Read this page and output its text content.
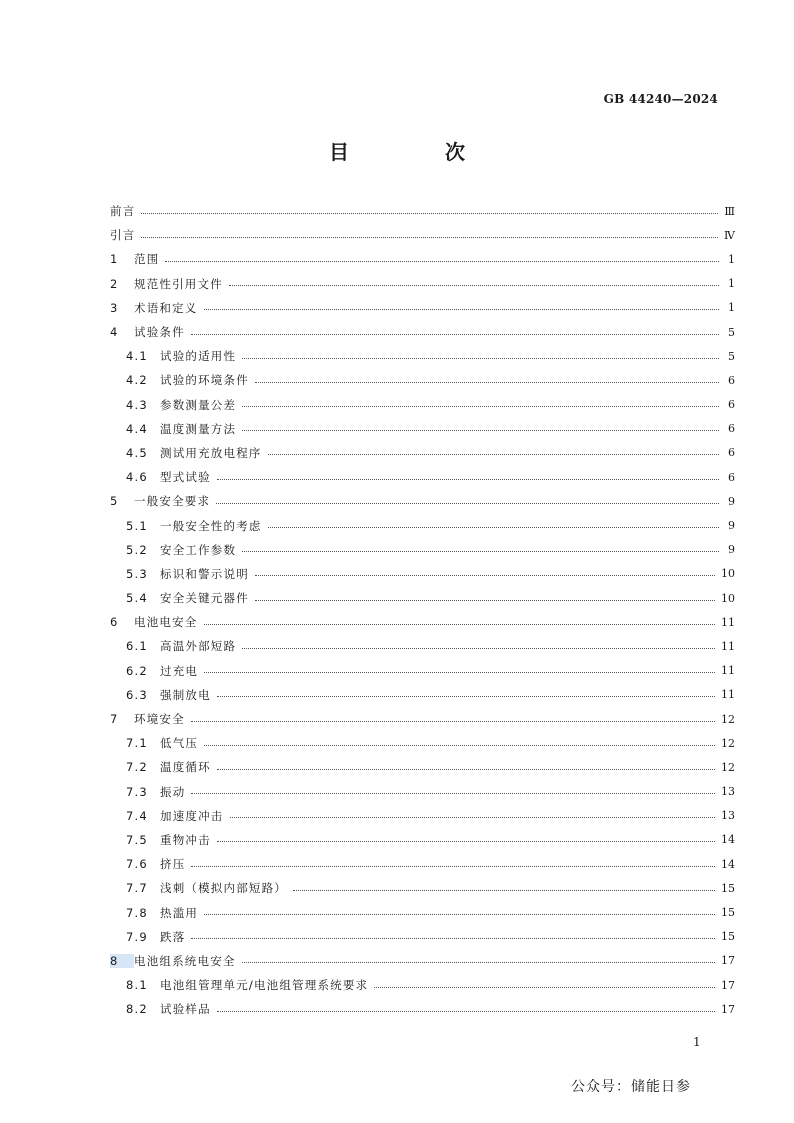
GB 44240—2024
目　次
前言	Ⅲ
引言	Ⅳ
1	范围	1
2	规范性引用文件	1
3	术语和定义	1
4	试验条件	5
4.1	试验的适用性	5
4.2	试验的环境条件	6
4.3	参数测量公差	6
4.4	温度测量方法	6
4.5	测试用充放电程序	6
4.6	型式试验	6
5	一般安全要求	9
5.1	一般安全性的考虑	9
5.2	安全工作参数	9
5.3	标识和警示说明	10
5.4	安全关键元器件	10
6	电池电安全	11
6.1	高温外部短路	11
6.2	过充电	11
6.3	强制放电	11
7	环境安全	12
7.1	低气压	12
7.2	温度循环	12
7.3	振动	13
7.4	加速度冲击	13
7.5	重物冲击	14
7.6	挤压	14
7.7	浅刺（模拟内部短路）	15
7.8	热滥用	15
7.9	跌落	15
8	电池组系统电安全	17
8.1	电池组管理单元/电池组管理系统要求	17
8.2	试验样品	17
1
公众号：储能日参
